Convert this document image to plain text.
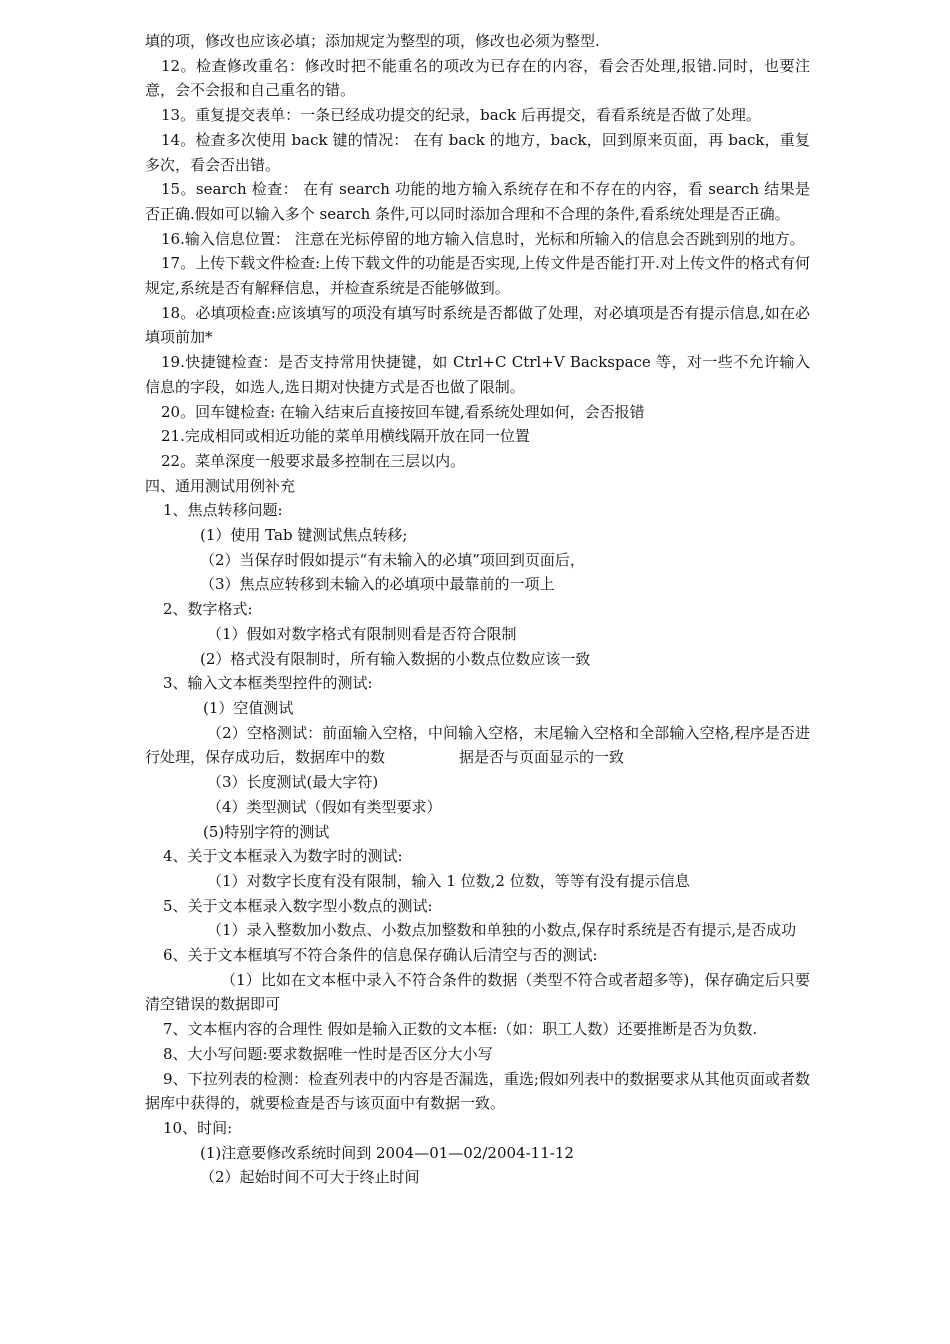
填的项，修改也应该必填；添加规定为整型的项，修改也必须为整型.

12。检查修改重名：修改时把不能重名的项改为已存在的内容，看会否处理,报错.同时，也要注意，会不会报和自己重名的错。

13。重复提交表单：一条已经成功提交的纪录，back 后再提交，看看系统是否做了处理。

14。检查多次使用 back 键的情况： 在有 back 的地方，back，回到原来页面，再 back，重复多次，看会否出错。

15。search 检查： 在有 search 功能的地方输入系统存在和不存在的内容，看 search 结果是否正确.假如可以输入多个 search 条件,可以同时添加合理和不合理的条件,看系统处理是否正确。

16.输入信息位置： 注意在光标停留的地方输入信息时，光标和所输入的信息会否跳到别的地方。

17。上传下载文件检查:上传下载文件的功能是否实现,上传文件是否能打开.对上传文件的格式有何规定,系统是否有解释信息，并检查系统是否能够做到。

18。必填项检查:应该填写的项没有填写时系统是否都做了处理，对必填项是否有提示信息,如在必填项前加*

19.快捷键检查：是否支持常用快捷键，如 Ctrl+C Ctrl+V Backspace 等，对一些不允许输入信息的字段，如选人,选日期对快捷方式是否也做了限制。

20。回车键检查: 在输入结束后直接按回车键,看系统处理如何，会否报错

21.完成相同或相近功能的菜单用横线隔开放在同一位置

22。菜单深度一般要求最多控制在三层以内。

四、通用测试用例补充

1、焦点转移问题:

(1）使用 Tab 键测试焦点转移;

（2）当保存时假如提示“有未输入的必填”项回到页面后，

（3）焦点应转移到未输入的必填项中最靠前的一项上

2、数字格式:

（1）假如对数字格式有限制则看是否符合限制

(2）格式没有限制时，所有输入数据的小数点位数应该一致

3、输入文本框类型控件的测试:

(1）空值测试

（2）空格测试：前面输入空格，中间输入空格，末尾输入空格和全部输入空格,程序是否进行处理，保存成功后，数据库中的数	据是否与页面显示的一致

（3）长度测试(最大字符)

（4）类型测试（假如有类型要求）

(5)特别字符的测试

4、关于文本框录入为数字时的测试:

（1）对数字长度有没有限制，输入 1 位数,2 位数，等等有没有提示信息

5、关于文本框录入数字型小数点的测试:

（1）录入整数加小数点、小数点加整数和单独的小数点,保存时系统是否有提示,是否成功

6、关于文本框填写不符合条件的信息保存确认后清空与否的测试:

（1）比如在文本框中录入不符合条件的数据（类型不符合或者超多等)，保存确定后只要清空错误的数据即可

7、文本框内容的合理性 假如是输入正数的文本框:（如：职工人数）还要推断是否为负数.

8、大小写问题:要求数据唯一性时是否区分大小写

9、下拉列表的检测：检查列表中的内容是否漏选，重选;假如列表中的数据要求从其他页面或者数据库中获得的，就要检查是否与该页面中有数据一致。

10、时间:

(1)注意要修改系统时间到 2004—01—02/2004-11-12

（2）起始时间不可大于终止时间
